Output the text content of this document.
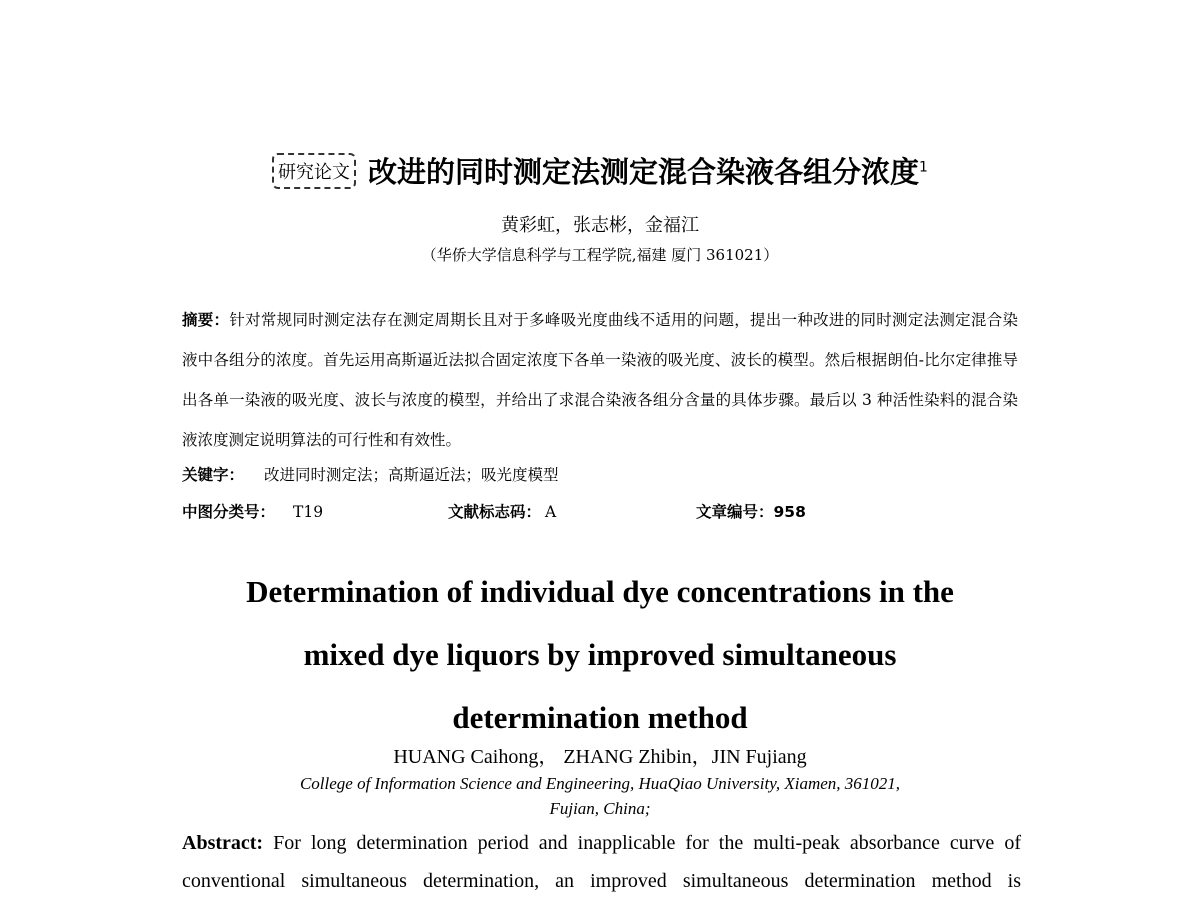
研究论文 改进的同时测定法测定混合染液各组分浓度$^1$
黄彩虹，张志彬，金福江
（华侨大学信息科学与工程学院,福建 厦门 361021）
摘要：针对常规同时测定法存在测定周期长且对于多峰吸光度曲线不适用的问题，提出一种改进的同时测定法测定混合染液中各组分的浓度。首先运用高斯逼近法拟合固定浓度下各单一染液的吸光度、波长的模型。然后根据朗伯-比尔定律推导出各单一染液的吸光度、波长与浓度的模型，并给出了求混合染液各组分含量的具体步骤。最后以 3 种活性染料的混合染液浓度测定说明算法的可行性和有效性。
关键字： 改进同时测定法；高斯逼近法；吸光度模型
中图分类号： T19	文献标志码： A	文章编号：958
Determination of individual dye concentrations in the
mixed dye liquors by improved simultaneous
determination method
HUANG Caihong， ZHANG Zhibin，JIN Fujiang
College of Information Science and Engineering, HuaQiao University, Xiamen, 361021,
Fujian, China;
Abstract: For long determination period and inapplicable for the multi-peak absorbance curve of
conventional simultaneous determination, an improved simultaneous determination method is
